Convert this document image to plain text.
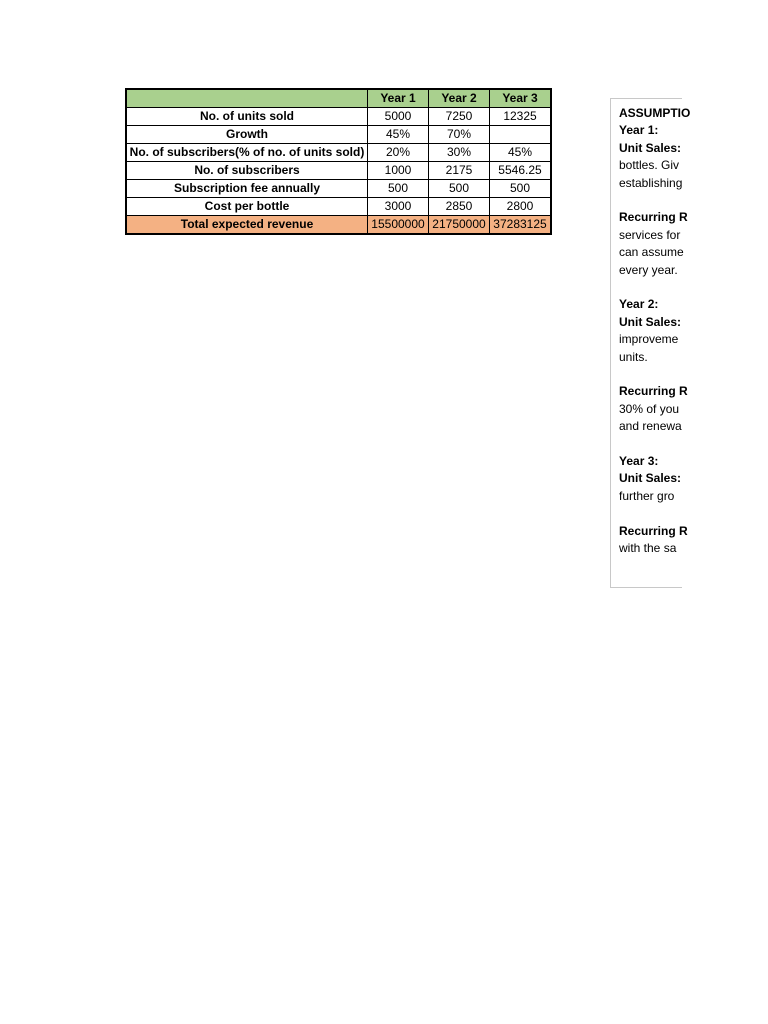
	Year 1	Year 2	Year 3
No. of units sold	5000	7250	12325
Growth	45%	70%	
No. of subscribers(% of no. of units sold)	20%	30%	45%
No. of subscribers	1000	2175	5546.25
Subscription fee annually	500	500	500
Cost per bottle	3000	2850	2800
Total expected revenue	15500000	21750000	37283125

ASSUMPTIO

Year 1:

Unit Sales:

bottles. Giv

establishing

Recurring R

services for

can assume

every year.

Year 2:

Unit Sales:

improveme

units.

Recurring R

30% of you

and renewa

Year 3:

Unit Sales:

further gro

Recurring R

with the sa
